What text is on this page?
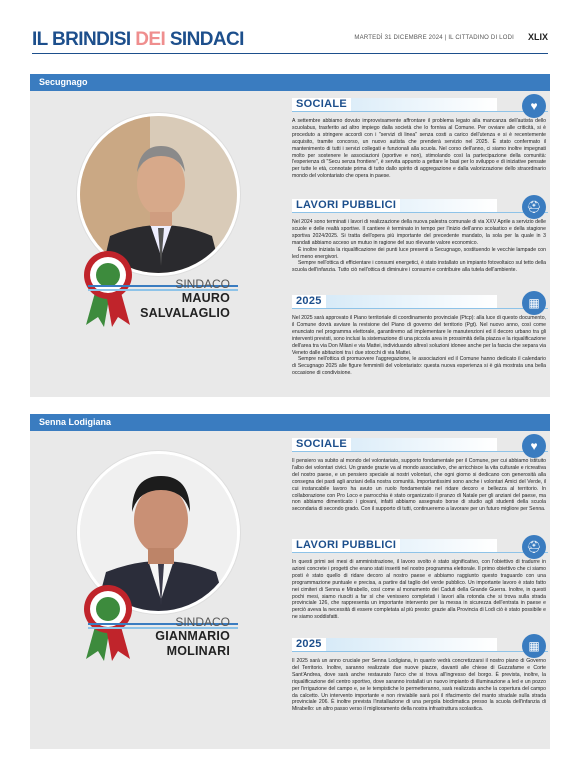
IL BRINDISI DEI SINDACI	MARTEDÌ 31 DICEMBRE 2024 | IL CITTADINO DI LODI XLIX
Secugnago
SINDACO
MAURO
SALVALAGLIO
SOCIALE	♥

A settembre abbiamo dovuto improvvisamente affrontare il problema legato alla mancanza dell'autista dello scuolabus, trasferito ad altro impiego dalla società che lo forniva al Comune. Per ovviare alle criticità, si è proceduto a stringere accordi con i "servizi di linea" senza costi a carico dell'utenza e si è recentemente acquisito, tramite concorso, un nuovo autista che prenderà servizio nel 2025. È stato confermato il mantenimento di tutti i servizi collegati e funzionali alla scuola. Nel corso dell'anno, ci siamo inoltre impegnati molto per sostenere le associazioni (sportive e non), stimolando così la partecipazione della comunità: l'esperienza di "Secu senza frontiere", è servita appunto a gettare le basi per lo sviluppo e di iniziative pensate per tutte le età, connotate prima di tutto dallo spirito di aggregazione e dalla valorizzazione dello straordinario mondo del volontariato che opera in paese.

LAVORI PUBBLICI	⛑

Nel 2024 sono terminati i lavori di realizzazione della nuova palestra comunale di via XXV Aprile a servizio delle scuole e delle realtà sportive. Il cantiere è terminato in tempo per l'inizio dell'anno scolastico e della stagione sportiva 2024/2025. Si tratta dell'opera più importante del precedente mandato, la sola per la quale in 3 mandati abbiamo acceso un mutuo in ragione del suo rilevante valore economico.

È inoltre iniziata la riqualificazione dei punti luce presenti a Secugnago, sostituendo le vecchie lampade con led meno energivori.

Sempre nell'ottica di efficientare i consumi energetici, è stato installato un impianto fotovoltaico sul tetto della scuola dell'infanzia. Tutto ciò nell'ottica di diminuire i consumi e contribuire alla tutela dell'ambiente.

2025	▦

Nel 2025 sarà approvato il Piano territoriale di coordinamento provinciale (Ptcp): alla luce di questo documento, il Comune dovrà avviare la revisione del Piano di governo del territorio (Pgt). Nel nuovo anno, così come enunciato nel programma elettorale, garantiremo ad implementare le manutenzioni ed il decoro urbano tra gli interventi previsti, sono inclusi la sistemazione di una piccola area in prossimità della piazza e la riqualificazione dell'area tra via Don Milani e via Mattei, individuando altresì soluzioni idonee anche per la fascia che separa via Veneto dalle abitazioni tra i due stocchi di via Mattei.

Sempre nell'ottica di promuovere l'aggregazione, le associazioni ed il Comune hanno dedicato il calendario di Secugnago 2025 alle figure femminili del volontariato: questa nuova esperienza si è già mostrata una bella occasione di condivisione.

Senna Lodigiana
SINDACO
GIANMARIO
MOLINARI
SOCIALE	♥

Il pensiero va subito al mondo del volontariato, supporto fondamentale per il Comune, per cui abbiamo istituito l'albo dei volontari civici. Un grande grazie va al mondo associativo, che arricchisce la vita culturale e ricreativa del nostro paese, e un pensiero speciale ai nostri volontari, che ogni giorno si dedicano con generosità alla consegna dei pasti agli anziani della nostra comunità. Importantissimi sono anche i volontari Amici del Verde, il cui instancabile lavoro ha avuto un ruolo fondamentale nel ridare decoro e bellezza al territorio. In collaborazione con Pro Loco e parrocchia è stato organizzato il pranzo di Natale per gli anziani del paese, ma non abbiamo dimenticato i giovani, infatti abbiamo assegnato borse di studio agli studenti della scuola secondaria di secondo grado. Con il supporto di tutti, continueremo a lavorare per un futuro migliore per Senna.

LAVORI PUBBLICI	⛑

In questi primi sei mesi di amministrazione, il lavoro svolto è stato significativo, con l'obiettivo di tradurre in azioni concrete i progetti che erano stati inseriti nel nostro programma elettorale. Il primo obiettivo che ci siamo posti è stato quello di ridare decoro al nostro paese e abbiamo raggiunto questo traguardo con una programmazione puntuale e precisa, a partire dal taglio del verde pubblico. Un importante lavoro è stato fatto nei cimiteri di Senna e Mirabello, così come al monumento dei Caduti della Grande Guerra. Inoltre, in questi pochi mesi, siamo riusciti a far sì che venissero completati i lavori alla rotonda che si trova sulla strada provinciale 126, che rappresenta un importante intervento per la messa in sicurezza dell'entrata in paese e perciò aveva la necessità di essere completata al più presto: grazie alla Provincia di Lodi ciò è stato possibile e ne siamo soddisfatti.

2025	▦

Il 2025 sarà un anno cruciale per Senna Lodigiana, in quanto vedrà concretizzarsi il nostro piano di Governo del Territorio. Inoltre, saranno realizzate due nuove piazze, davanti alle chiese di Guzzafame e Corte Sant'Andrea, dove sarà anche restaurato l'arco che si trova all'ingresso del borgo. È prevista, inoltre, la riqualificazione del centro sportivo, dove saranno installati un nuovo impianto di illuminazione a led e un pozzo per l'irrigazione del campo e, se le tempistiche lo permetteranno, sarà realizzata anche la copertura del campo da calcetto. Un intervento importante e non rinviabile sarà poi il rifacimento del manto stradale sulla strada provinciale 206. È inoltre prevista l'installazione di una pergola bioclimatica presso la scuola dell'infanzia di Mirabello: un altro passo verso il miglioramento della nostra infrastruttura scolastica.
